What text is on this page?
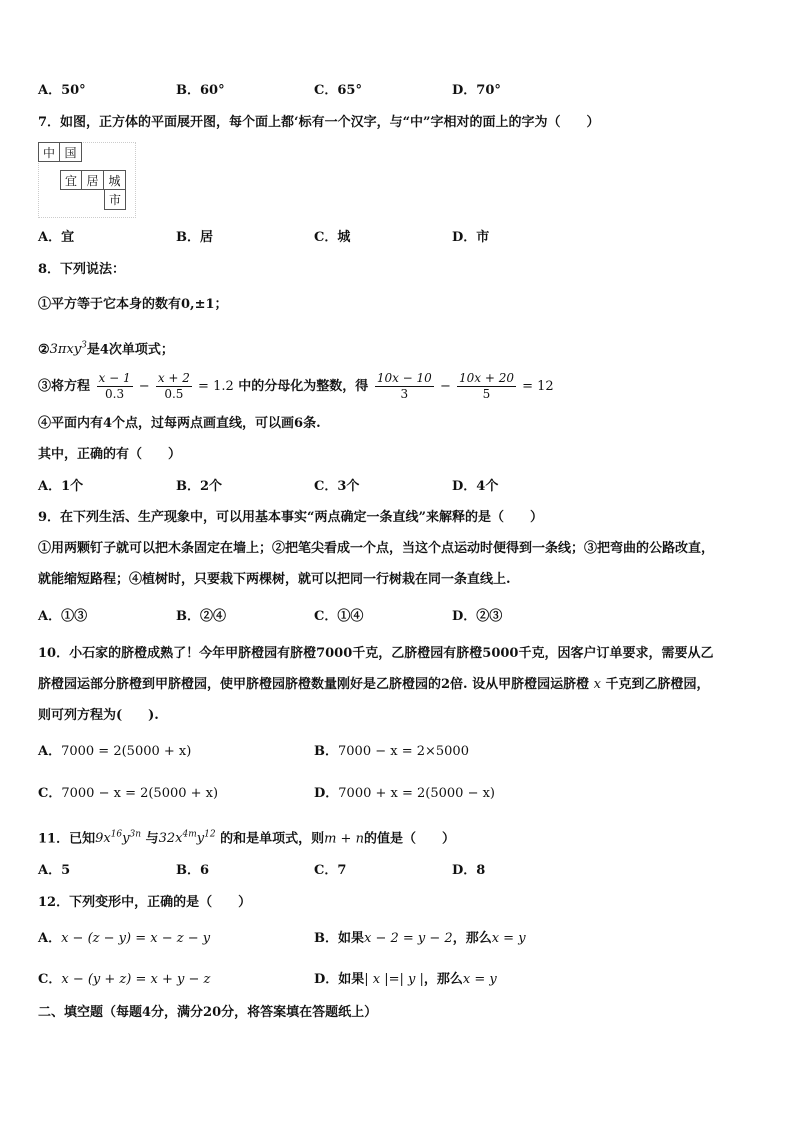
A．50°	B．60°	C．65°	D．70°
7．如图，正方体的平面展开图，每个面上都‘标有一个汉字，与“中”字相对的面上的字为（　　）
中 国
宜 居 城
市
A．宜	B．居	C．城	D．市
8．下列说法：
①平方等于它本身的数有0,±1；
②3πxy$^3$是4次单项式；
③将方程 $\frac{x - 1}{0.3} - \frac{x + 2}{0.5} = 1.2$ 中的分母化为整数，得 $\frac{10x - 10}{3} - \frac{10x + 20}{5} = 12$
④平面内有4个点，过每两点画直线，可以画6条.
其中，正确的有（　　）
A．1个	B．2个	C．3个	D．4个
9．在下列生活、生产现象中，可以用基本事实“两点确定一条直线”来解释的是（　　）
①用两颗钉子就可以把木条固定在墙上；②把笔尖看成一个点，当这个点运动时便得到一条线；③把弯曲的公路改直，
就能缩短路程；④植树时，只要栽下两棵树，就可以把同一行树栽在同一条直线上.
A．①③	B．②④	C．①④	D．②③
10．小石家的脐橙成熟了！今年甲脐橙园有脐橙7000千克，乙脐橙园有脐橙5000千克，因客户订单要求，需要从乙
脐橙园运部分脐橙到甲脐橙园，使甲脐橙园脐橙数量刚好是乙脐橙园的2倍. 设从甲脐橙园运脐橙 x 千克到乙脐橙园，
则可列方程为(　　).
A．7000 = 2(5000 + x)	B．7000 − x = 2×5000
C．7000 − x = 2(5000 + x)	D．7000 + x = 2(5000 − x)
11．已知$9x^{16}y^{3n}$ 与$32x^{4m}y^{12}$ 的和是单项式，则m + n的值是（　　）
A．5	B．6	C．7	D．8
12．下列变形中，正确的是（　　）
A．x − (z − y) = x − z − y	B．如果x − 2 = y − 2，那么x = y
C．x − (y + z) = x + y − z	D．如果| x |=| y |，那么x = y
二、填空题（每题4分，满分20分，将答案填在答题纸上）
